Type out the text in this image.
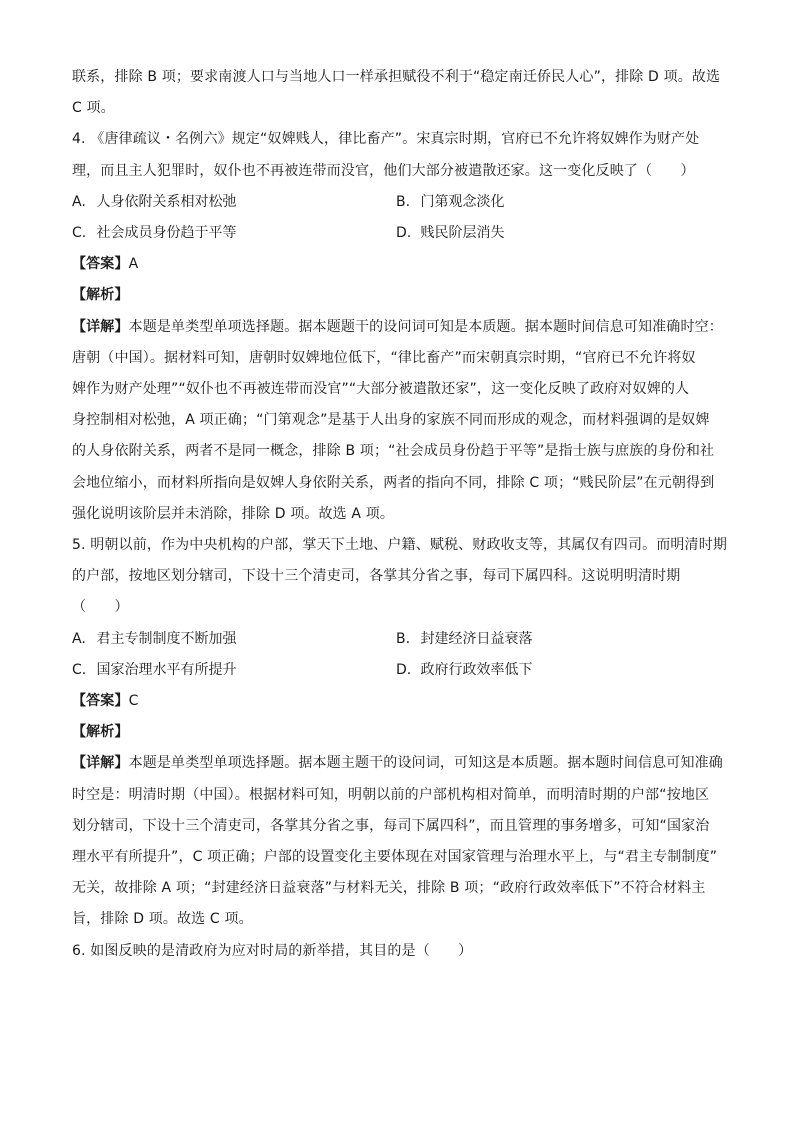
联系，排除 B 项；要求南渡人口与当地人口一样承担赋役不利于“稳定南迁侨民人心”，排除 D 项。故选
C 项。
4. 《唐律疏议・名例六》规定“奴婢贱人，律比畜产”。宋真宗时期，官府已不允许将奴婢作为财产处
理，而且主人犯罪时，奴仆也不再被连带而没官，他们大部分被遣散还家。这一变化反映了（　　）
A. 人身依附关系相对松弛	B. 门第观念淡化
C. 社会成员身份趋于平等	D. 贱民阶层消失
【答案】A
【解析】
【详解】本题是单类型单项选择题。据本题题干的设问词可知是本质题。据本题时间信息可知准确时空：
唐朝（中国）。据材料可知，唐朝时奴婢地位低下，“律比畜产”而宋朝真宗时期，“官府已不允许将奴
婢作为财产处理”“奴仆也不再被连带而没官”“大部分被遣散还家”，这一变化反映了政府对奴婢的人
身控制相对松弛，A 项正确；“门第观念”是基于人出身的家族不同而形成的观念，而材料强调的是奴婢
的人身依附关系，两者不是同一概念，排除 B 项；“社会成员身份趋于平等”是指士族与庶族的身份和社
会地位缩小，而材料所指向是奴婢人身依附关系，两者的指向不同，排除 C 项；“贱民阶层”在元朝得到
强化说明该阶层并未消除，排除 D 项。故选 A 项。
5. 明朝以前，作为中央机构的户部，掌天下土地、户籍、赋税、财政收支等，其属仅有四司。而明清时期
的户部，按地区划分辖司，下设十三个清吏司，各掌其分省之事，每司下属四科。这说明明清时期
（　　）
A. 君主专制制度不断加强	B. 封建经济日益衰落
C. 国家治理水平有所提升	D. 政府行政效率低下
【答案】C
【解析】
【详解】本题是单类型单项选择题。据本题主题干的设问词，可知这是本质题。据本题时间信息可知准确
时空是：明清时期（中国）。根据材料可知，明朝以前的户部机构相对简单，而明清时期的户部“按地区
划分辖司，下设十三个清吏司，各掌其分省之事，每司下属四科”，而且管理的事务增多，可知“国家治
理水平有所提升”，C 项正确；户部的设置变化主要体现在对国家管理与治理水平上，与“君主专制制度”
无关，故排除 A 项；“封建经济日益衰落”与材料无关，排除 B 项；“政府行政效率低下”不符合材料主
旨，排除 D 项。故选 C 项。
6. 如图反映的是清政府为应对时局的新举措，其目的是（　　）
